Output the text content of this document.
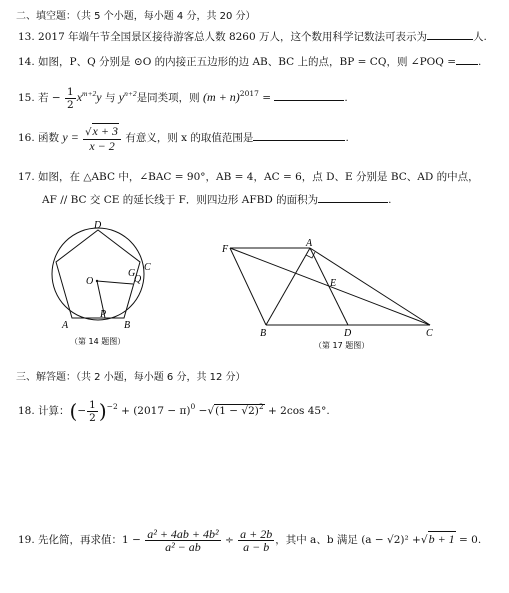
二、填空题：（共 5 个小题，每小题 4 分，共 20 分）
13. 2017 年端午节全国景区接待游客总人数 8260 万人，这个数用科学记数法可表示为	人.
14. 如图，P、Q 分别是 ⊙O 的内接正五边形的边 AB、BC 上的点，BP = CQ，则 ∠POQ = .
15. 若 − $\frac{1}{2} x^{m+2}y$ 与 $y^{n+2}$是同类项，则 $(m + n)^{2017}$ =	.
16. 函数 $y = \frac{√x + 3}{x - 2}$ 有意义，则 x 的取值范围是	.
17. 如图，在 △ABC 中，∠BAC = 90°，AB = 4，AC = 6，点 D、E 分别是 BC、AD 的中点，
AF // BC 交 CE 的延长线于 F．则四边形 AFBD 的面积为	.
D
G
C
O	Q
P
A	B
（第 14 题图）
F
A
E
B	D	C
（第 17 题图）
三、解答题：（共 2 小题，每小题 6 分，共 12 分）
18. 计算：(− $\frac{1}{2} )^{-2} + (2017 - \pi)^0 -√(1 - √2)^2 + 2\cos$ 45°.
19. 先化简，再求值：$1 - \frac{\text{a² + 4ab + 4b²}}{\text{a² − ab}} \div \frac{a + 2b}{a - b}$ ，其中 a、b 满足 (a − √2)² +√b + 1 = 0.
